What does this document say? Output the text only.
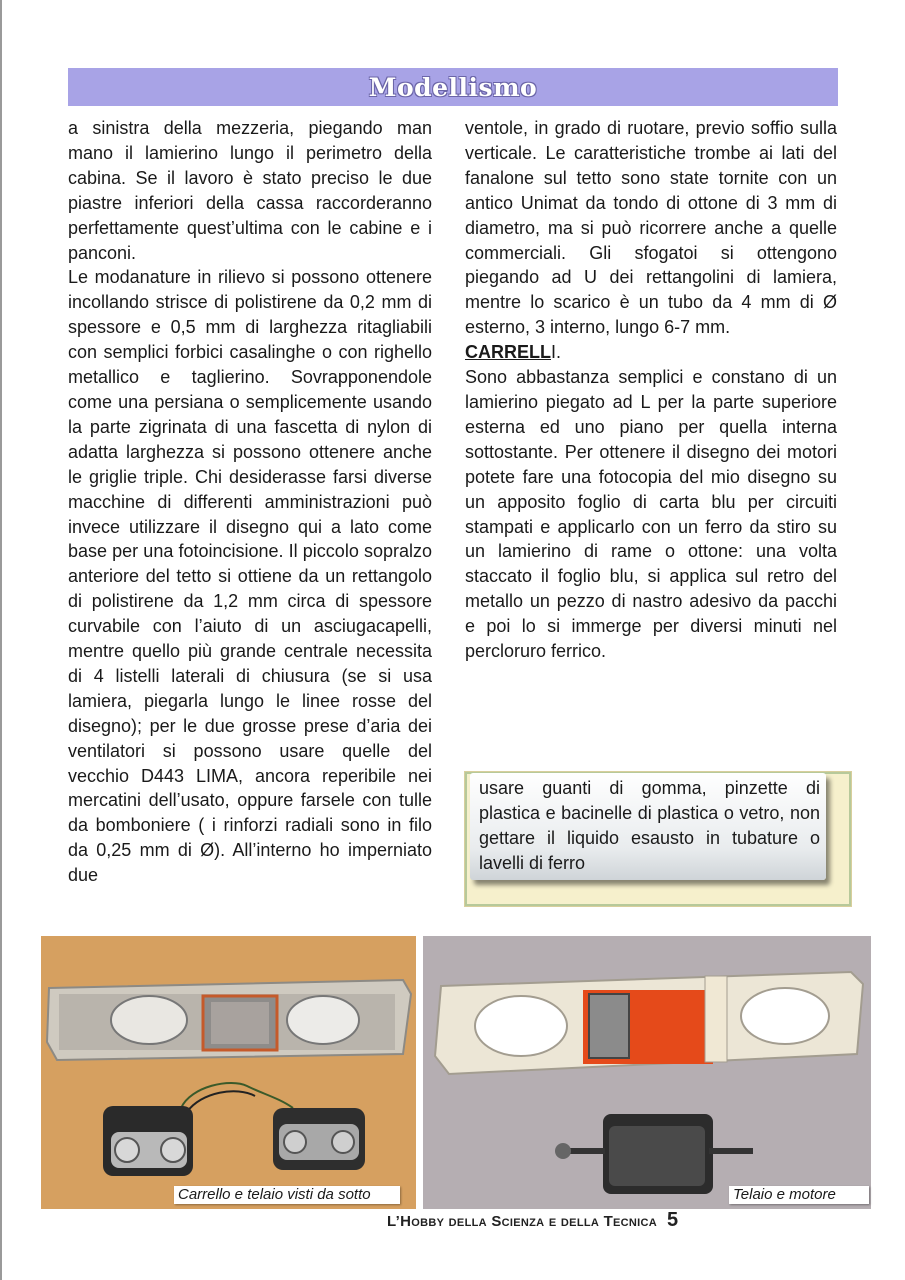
Modellismo

a sinistra della mezzeria, piegando man mano il lamierino lungo il perimetro della cabina. Se il lavoro è stato preciso le due piastre inferiori della cassa raccorderanno perfettamente quest’ultima con le cabine e i panconi.

Le modanature in rilievo si possono ottenere incollando strisce di polistirene da 0,2 mm di spessore e 0,5 mm di larghezza ritagliabili con semplici forbici casalinghe o con righello metallico e taglierino. Sovrapponendole come una persiana o semplicemente usando la parte zigrinata di una fascetta di nylon di adatta larghezza si possono ottenere anche le griglie triple. Chi desiderasse farsi diverse macchine di differenti amministrazioni può invece utilizzare il disegno qui a lato come base per una fotoincisione. Il piccolo sopralzo anteriore del tetto si ottiene da un rettangolo di polistirene da 1,2 mm circa di spessore curvabile con l’aiuto di un asciugacapelli, mentre quello più grande centrale necessita di 4 listelli laterali di chiusura (se si usa lamiera, piegarla lungo le linee rosse del disegno); per le due grosse prese d’aria dei ventilatori si possono usare quelle del vecchio D443 LIMA, ancora reperibile nei mercatini dell’usato, oppure farsele con tulle da bomboniere ( i rinforzi radiali sono in filo da 0,25 mm di Ø). All’interno ho imperniato due

ventole, in grado di ruotare, previo soffio sulla verticale. Le caratteristiche trombe ai lati del fanalone sul tetto sono state tornite con un antico Unimat da tondo di ottone di 3 mm di diametro, ma si può ricorrere anche a quelle commerciali. Gli sfogatoi si ottengono piegando ad U dei rettangolini di lamiera, mentre lo scarico è un tubo da 4 mm di Ø esterno, 3 interno, lungo 6-7 mm.

CARRELLI.

Sono abbastanza semplici e constano di un lamierino piegato ad L per la parte superiore esterna ed uno piano per quella interna sottostante. Per ottenere il disegno dei motori potete fare una fotocopia del mio disegno su un apposito foglio di carta blu per circuiti stampati e applicarlo con un ferro da stiro su un lamierino di rame o ottone: una volta staccato il foglio blu, si applica sul retro del metallo un pezzo di nastro adesivo da pacchi e poi lo si immerge per diversi minuti nel percloruro ferrico.

usare guanti di gomma, pinzette di plastica e bacinelle di plastica o vetro, non gettare il liquido esausto in tubature o lavelli di ferro
Carrello e telaio visti da sotto	Telaio e motore
L’Hobby della Scienza e della Tecnica 5
